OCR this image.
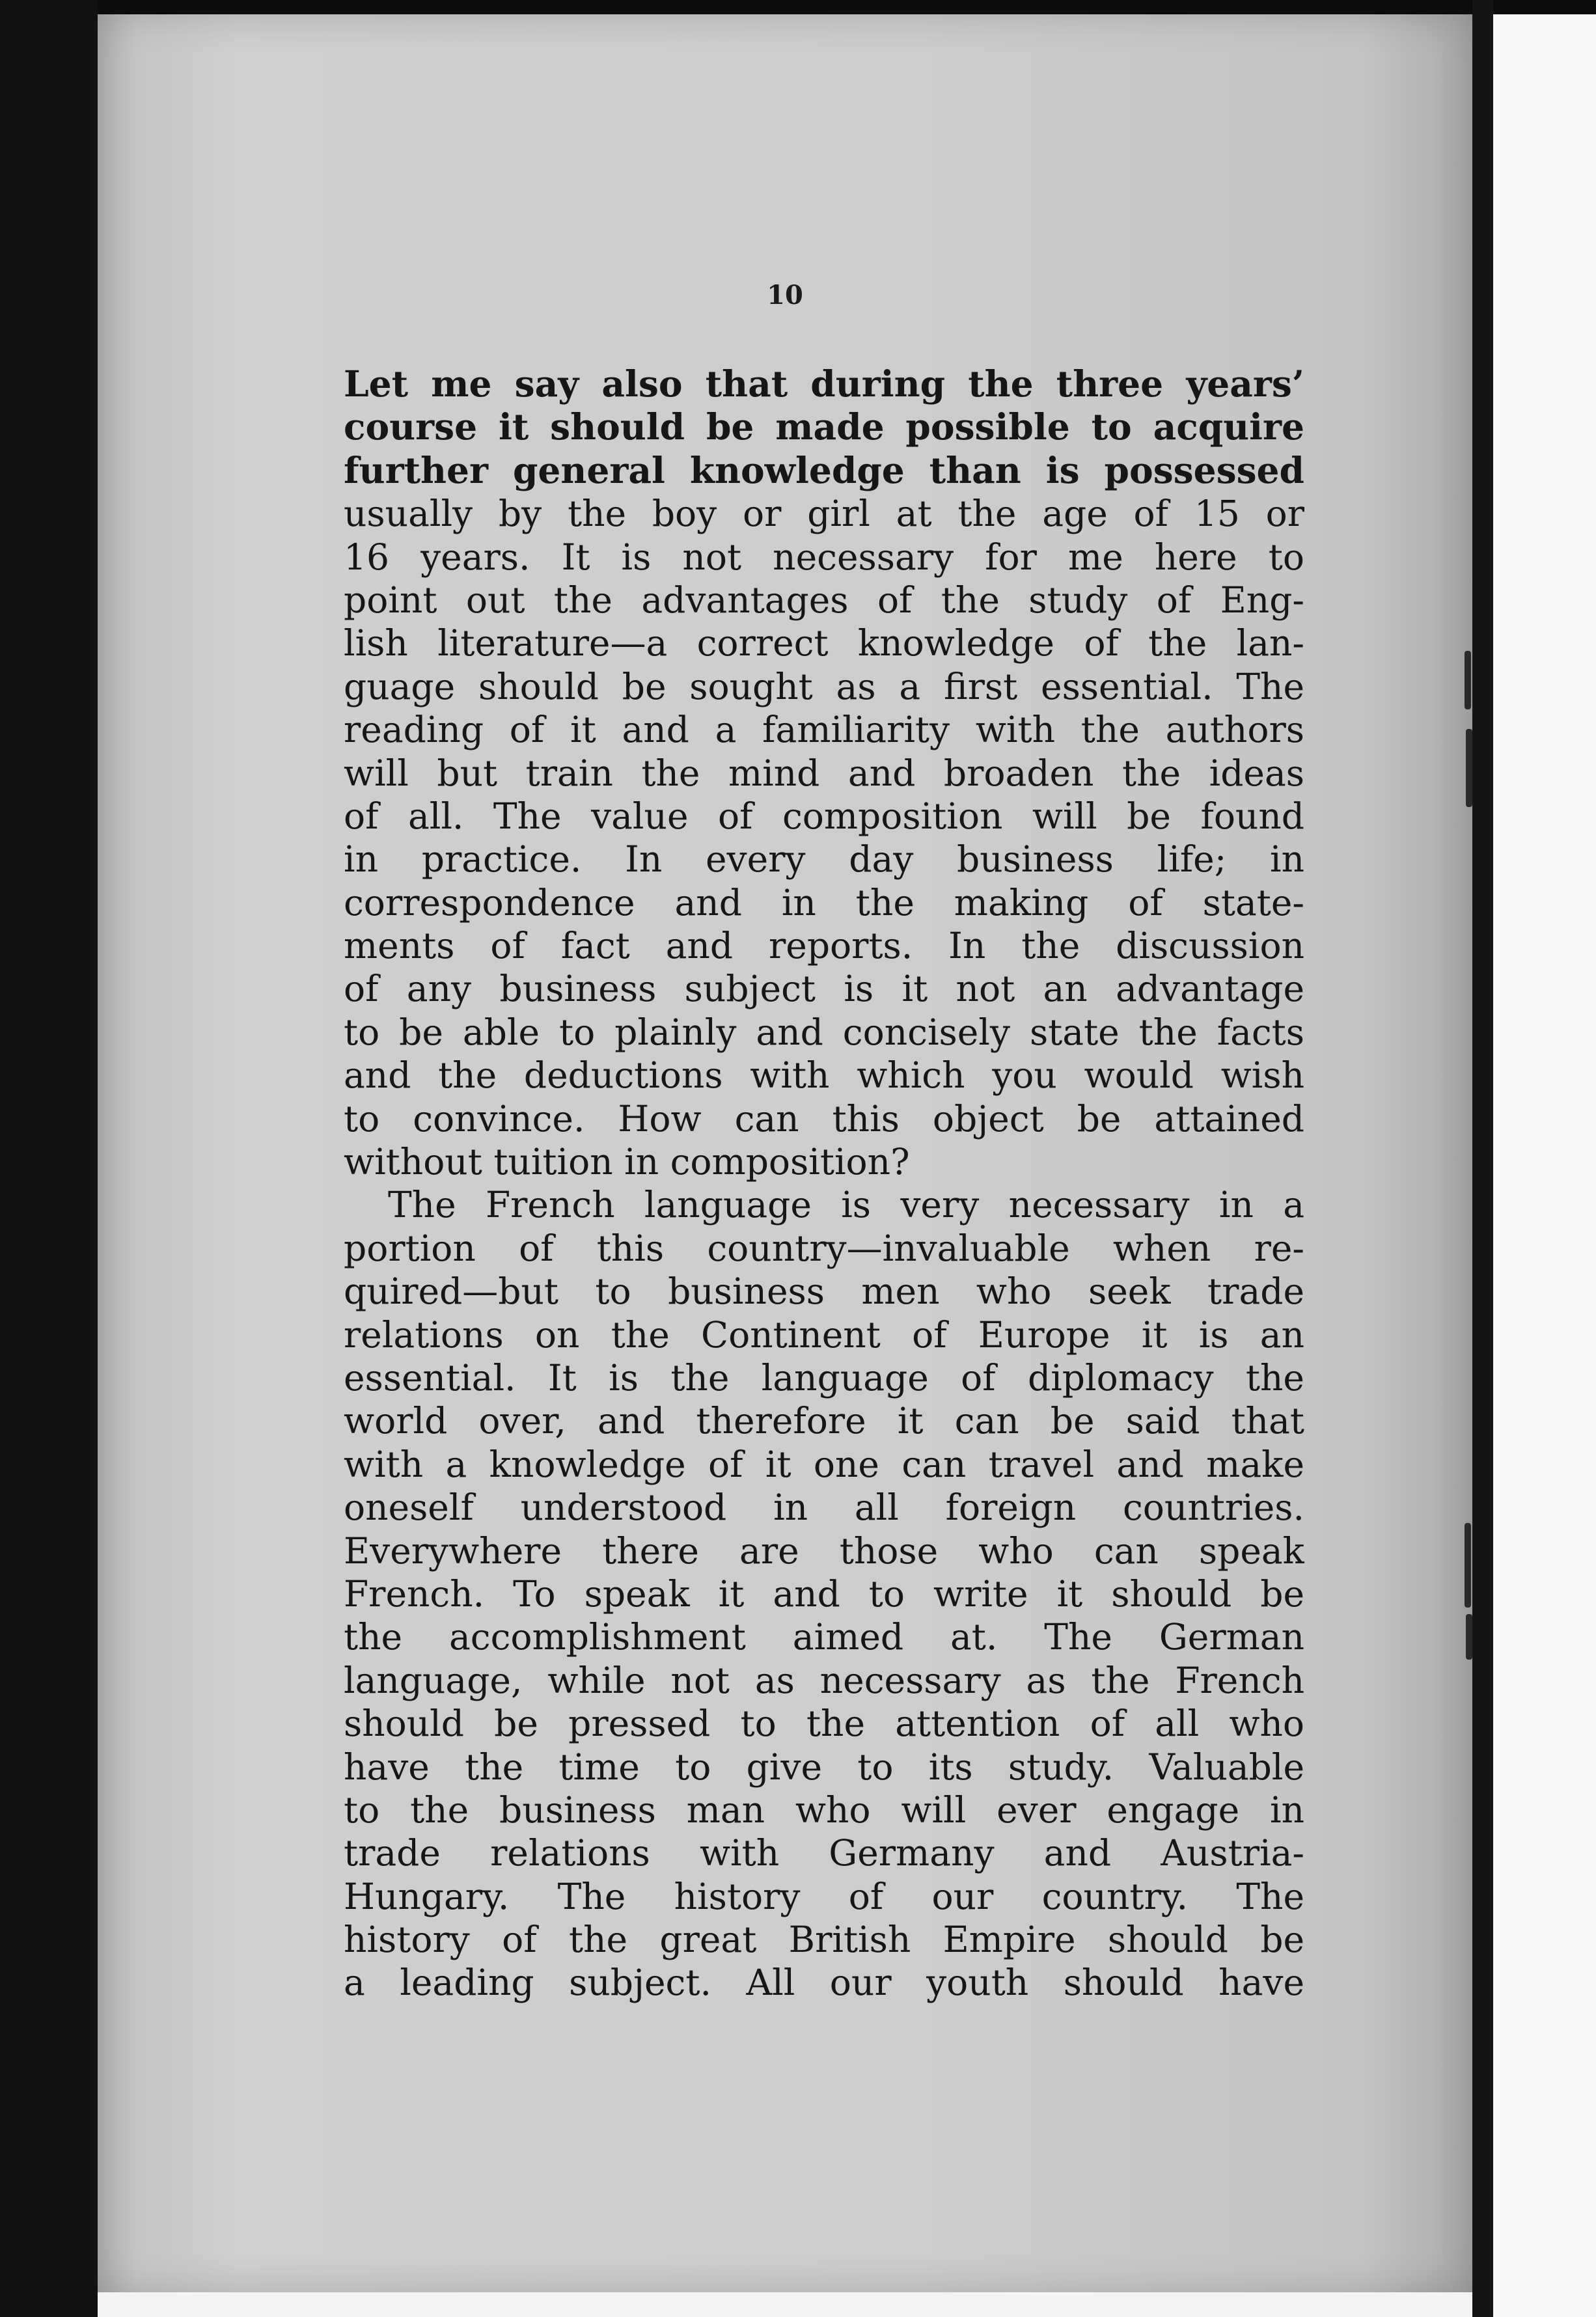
10
Let me say also that during the three years’
course it should be made possible to acquire
further general knowledge than is possessed
usually by the boy or girl at the age of 15 or
16 years. It is not necessary for me here to
point out the advantages of the study of Eng-
lish literature—a correct knowledge of the lan-
guage should be sought as a first essential. The
reading of it and a familiarity with the authors
will but train the mind and broaden the ideas
of all. The value of composition will be found
in practice. In every day business life; in
correspondence and in the making of state-
ments of fact and reports. In the discussion
of any business subject is it not an advantage
to be able to plainly and concisely state the facts
and the deductions with which you would wish
to convince. How can this object be attained
without tuition in composition?
The French language is very necessary in a
portion of this country—invaluable when re-
quired—but to business men who seek trade
relations on the Continent of Europe it is an
essential. It is the language of diplomacy the
world over, and therefore it can be said that
with a knowledge of it one can travel and make
oneself understood in all foreign countries.
Everywhere there are those who can speak
French. To speak it and to write it should be
the accomplishment aimed at. The German
language, while not as necessary as the French
should be pressed to the attention of all who
have the time to give to its study. Valuable
to the business man who will ever engage in
trade relations with Germany and Austria-
Hungary. The history of our country. The
history of the great British Empire should be
a leading subject. All our youth should have
